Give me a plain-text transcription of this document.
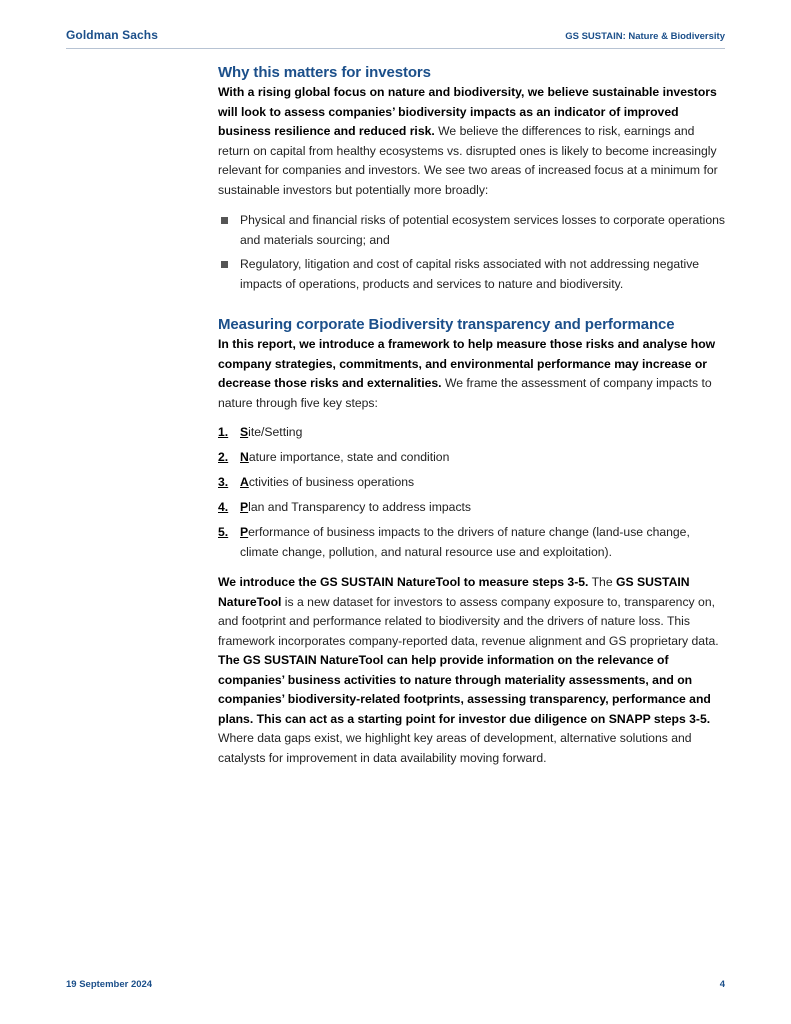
Goldman Sachs	GS SUSTAIN: Nature & Biodiversity
Why this matters for investors

With a rising global focus on nature and biodiversity, we believe sustainable investors will look to assess companies’ biodiversity impacts as an indicator of improved business resilience and reduced risk. We believe the differences to risk, earnings and return on capital from healthy ecosystems vs. disrupted ones is likely to become increasingly relevant for companies and investors. We see two areas of increased focus at a minimum for sustainable investors but potentially more broadly:

Physical and financial risks of potential ecosystem services losses to corporate operations and materials sourcing; and
Regulatory, litigation and cost of capital risks associated with not addressing negative impacts of operations, products and services to nature and biodiversity.
Measuring corporate Biodiversity transparency and performance

In this report, we introduce a framework to help measure those risks and analyse how company strategies, commitments, and environmental performance may increase or decrease those risks and externalities. We frame the assessment of company impacts to nature through five key steps:

1. Site/Setting
2. Nature importance, state and condition
3. Activities of business operations
4. Plan and Transparency to address impacts
5. Performance of business impacts to the drivers of nature change (land-use change, climate change, pollution, and natural resource use and exploitation).

We introduce the GS SUSTAIN NatureTool to measure steps 3-5. The GS SUSTAIN NatureTool is a new dataset for investors to assess company exposure to, transparency on, and footprint and performance related to biodiversity and the drivers of nature loss. This framework incorporates company-reported data, revenue alignment and GS proprietary data. The GS SUSTAIN NatureTool can help provide information on the relevance of companies’ business activities to nature through materiality assessments, and on companies’ biodiversity-related footprints, assessing transparency, performance and plans. This can act as a starting point for investor due diligence on SNAPP steps 3-5. Where data gaps exist, we highlight key areas of development, alternative solutions and catalysts for improvement in data availability moving forward.

19 September 2024	4
